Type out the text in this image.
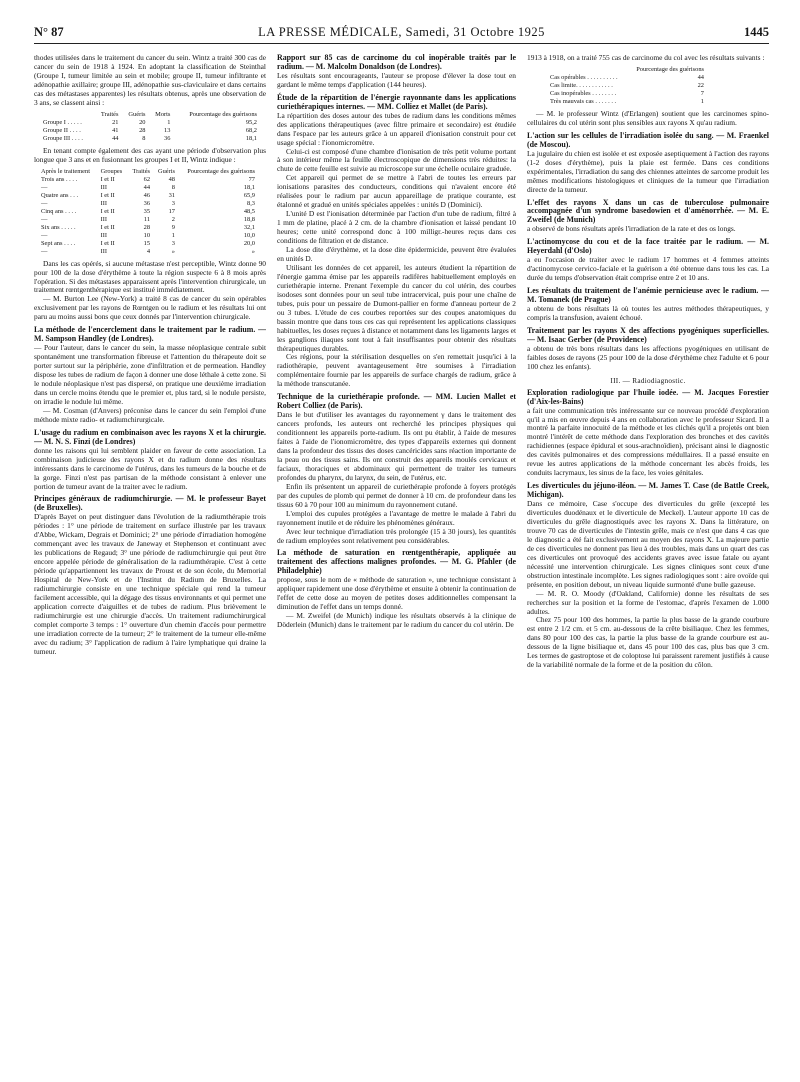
N° 87	LA PRESSE MÉDICALE, Samedi, 31 Octobre 1925	1445

thodes utilisées dans le traitement du cancer du sein. Wintz a traité 300 cas de cancer du sein de 1918 à 1924. En adoptant la classification de Steinthal (Groupe I, tumeur limitée au sein et mobile; groupe II, tumeur infiltrante et adénopathie axillaire; groupe III, adénopathie sus-claviculaire et dans certains cas des métastases apparentes) les résultats obtenus, après une observation de 3 ans, se classent ainsi :

	Traités	Guéris	Morts	Pourcentage des guérisons
Groupe I . . . . .	21	20	1	95,2
Groupe II . . . .	41	28	13	68,2
Groupe III . . . .	44	8	36	18,1

En tenant compte également des cas ayant une période d'observation plus longue que 3 ans et en fusionnant les groupes I et II, Wintz indique :

Après le traitement	Groupes	Traités	Guéris	Pourcentage des guérisons
Trois ans . . . .	I et II	62	48	77
—	III	44	8	18,1
Quatre ans . . .	I et II	46	31	65,9
—	III	36	3	8,3
Cinq ans . . . .	I et II	35	17	48,5
—	III	11	2	18,8
Six ans . . . . .	I et II	28	9	32,1
—	III	10	1	10,0
Sept ans . . . .	I et II	15	3	20,0
—	III	4	»	»

Dans les cas opérés, si aucune métastase n'est perceptible, Wintz donne 90 pour 100 de la dose d'érythème à toute la région suspecte 6 à 8 mois après l'opération. Si des métastases apparaissent après l'intervention chirurgicale, un traitement rœntgenthérapique est institué immédiatement.

— M. Burton Lee (New-York) a traité 8 cas de cancer du sein opérables exclusivement par les rayons de Rœntgen ou le radium et les résultats lui ont paru au moins aussi bons que ceux donnés par l'intervention chirurgicale.

La méthode de l'encerclement dans le traitement par le radium. — M. Sampson Handley (de Londres).

— Pour l'auteur, dans le cancer du sein, la masse néoplasique centrale subit spontanément une transformation fibreuse et l'attention du thérapeute doit se porter surtout sur la périphérie, zone d'infiltration et de permeation. Handley dispose les tubes de radium de façon à donner une dose léthale à cette zone. Si le nodule néoplasique n'est pas dispersé, on pratique une deuxième irradiation dans un cercle moins étendu que le premier et, plus tard, si le nodule persiste, on irradie le nodule lui même.

— M. Cosman (d'Anvers) préconise dans le cancer du sein l'emploi d'une méthode mixte radio- et radiumchirurgicale.

L'usage du radium en combinaison avec les rayons X et la chirurgie. — M. N. S. Finzi (de Londres)

donne les raisons qui lui semblent plaider en faveur de cette association. La combinaison judicieuse des rayons X et du radium donne des résultats intéressants dans le carcinome de l'utérus, dans les tumeurs de la bouche et de la gorge. Finzi n'est pas partisan de la méthode consistant à enlever une portion de tumeur avant de la traiter avec le radium.

Principes généraux de radiumchirurgie. — M. le professeur Bayet (de Bruxelles).

D'après Bayet on peut distinguer dans l'évolution de la radiumthérapie trois périodes : 1° une période de traitement en surface illustrée par les travaux d'Abbe, Wickam, Degrais et Dominici; 2° une période d'irradiation homogène commençant avec les travaux de Janeway et Stephenson et continuant avec les publications de Regaud; 3° une période de radiumchirurgie qui peut être encore appelée période de généralisation de la radiumthérapie. C'est à cette période qu'appartiennent les travaux de Proust et de son école, du Memorial Hospital de New-York et de l'Institut du Radium de Bruxelles. La radiumchirurgie consiste en une technique spéciale qui rend la tumeur facilement accessible, qui la dégage des tissus environnants et qui permet une application correcte d'aiguilles et de tubes de radium. Plus brièvement le radiumchirurgie est une chirurgie d'accès. Un traitement radiumchirurgical complet comporte 3 temps : 1° ouverture d'un chemin d'accès pour permettre une irradiation correcte de la tumeur; 2° le traitement de la tumeur elle-même avec du radium; 3° l'application de radium à l'aire lymphatique qui draine la tumeur.

Rapport sur 85 cas de carcinome du col inopérable traités par le radium. — M. Malcolm Donaldson (de Londres).

Les résultats sont encourageants, l'auteur se propose d'élever la dose tout en gardant le même temps d'application (144 heures).

Étude de la répartition de l'énergie rayonnante dans les applications curiethérapiques internes. — MM. Colliez et Mallet (de Paris).

La répartition des doses autour des tubes de radium dans les conditions mêmes des applications thérapeutiques (avec filtre primaire et secondaire) est étudiée dans l'espace par les auteurs grâce à un appareil d'ionisation construit pour cet usage spécial : l'ionomicromètre.

Celui-ci est composé d'une chambre d'ionisation de très petit volume portant à son intérieur même la feuille électroscopique de dimensions très réduites: la chute de cette feuille est suivie au microscope sur une échelle oculaire graduée.

Cet appareil qui permet de se mettre à l'abri de toutes les erreurs par ionisations parasites des conducteurs, conditions qui n'avaient encore été réalisées pour le radium par aucun appareillage de pratique courante, est étalonné et gradué en unités spéciales appelées : unités D (Dominici).

L'unité D est l'ionisation déterminée par l'action d'un tube de radium, filtré à 1 mm de platine, placé à 2 cm. de la chambre d'ionisation et laissé pendant 10 heures; cette unité correspond donc à 100 milligr.-heures reçus dans ces conditions de filtration et de distance.

La dose dite d'érythème, et la dose dite épidermicide, peuvent être évaluées en unités D.

Utilisant les données de cet appareil, les auteurs étudient la répartition de l'énergie gamma émise par les appareils radifères habituellement employés en curiethérapie interne. Prenant l'exemple du cancer du col utérin, des courbes isodoses sont données pour un seul tube intracervical, puis pour une chaîne de tubes, puis pour un pessaire de Dumont-pallier en forme d'anneau porteur de 2 ou 3 tubes. L'étude de ces courbes reportées sur des coupes anatomiques du bassin montre que dans tous ces cas qui représentent les applications classiques habituelles, les doses reçues à distance et notamment dans les ligaments larges et les ganglions iliaques sont tout à fait insuffisantes pour obtenir des résultats thérapeutiques durables.

Ces régions, pour la stérilisation desquelles on s'en remettait jusqu'ici à la radiothérapie, peuvent avantageusement être soumises à l'irradiation complémentaire fournie par les appareils de surface chargés de radium, grâce à la méthode transcutanée.

Technique de la curiethérapie profonde. — MM. Lucien Mallet et Robert Colliez (de Paris).

Dans le but d'utiliser les avantages du rayonnement γ dans le traitement des cancers profonds, les auteurs ont recherché les principes physiques qui conditionnent les appareils porte-radium. Ils ont pu établir, à l'aide de mesures faites à l'aide de l'ionomicromètre, des types d'appareils externes qui donnent dans la profondeur des tissus des doses cancéricides sans réaction importante de la peau ou des tissus sains. Ils ont construit des appareils moulés cervicaux et faciaux, thoraciques et abdominaux qui permettent de traiter les tumeurs profondes du pharynx, du larynx, du sein, de l'utérus, etc.

Enfin ils présentent un appareil de curiethérapie profonde à foyers protégés par des cupules de plomb qui permet de donner à 10 cm. de profondeur dans les tissus 60 à 70 pour 100 au minimum du rayonnement cutané.

L'emploi des cupules protégées a l'avantage de mettre le malade à l'abri du rayonnement inutile et de réduire les phénomènes généraux.

Avec leur technique d'irradiation très prolongée (15 à 30 jours), les quantités de radium employées sont relativement peu considérables.

La méthode de saturation en rœntgenthérapie, appliquée au traitement des affections malignes profondes. — M. G. Pfahler (de Philadelphie)

propose, sous le nom de « méthode de saturation », une technique consistant à appliquer rapidement une dose d'érythème et ensuite à obtenir la continuation de l'effet de cette dose au moyen de petites doses additionnelles compensant la diminution de l'effet dans un temps donné.

— M. Zweifel (de Munich) indique les résultats observés à la clinique de Döderlein (Munich) dans le traitement par le radium du cancer du col utérin. De

1913 à 1918, on a traité 755 cas de carcinome du col avec les résultats suivants :

	Pourcentage des guérisons
Cas opérables . . . . . . . . . .	44
Cas limite. . . . . . . . . . . .	22
Cas inopérables . . . . . . . .	7
Très mauvais cas . . . . . . .	1

— M. le professeur Wintz (d'Erlangen) soutient que les carcinomes spino-cellulaires du col utérin sont plus sensibles aux rayons X qu'au radium.

L'action sur les cellules de l'irradiation isolée du sang. — M. Fraenkel (de Moscou).

La jugulaire du chien est isolée et est exposée aseptiquement à l'action des rayons (1-2 doses d'érythème), puis la plaie est fermée. Dans ces conditions expérimentales, l'irradiation du sang des chiennes atteintes de sarcome produit les mêmes modifications histologiques et cliniques de la tumeur que l'irradiation directe de la tumeur.

L'effet des rayons X dans un cas de tuberculose pulmonaire accompagnée d'un syndrome basedowien et d'aménorrhée. — M. E. Zweifel (de Munich)

a observé de bons résultats après l'irradiation de la rate et des os longs.

L'actinomycose du cou et de la face traitée par le radium. — M. Heyerdahl (d'Oslo)

a eu l'occasion de traiter avec le radium 17 hommes et 4 femmes atteints d'actinomycose cervico-faciale et la guérison a été obtenue dans tous les cas. La durée du temps d'observation était comprise entre 2 et 10 ans.

Les résultats du traitement de l'anémie pernicieuse avec le radium. — M. Tomanek (de Prague)

a obtenu de bons résultats là où toutes les autres méthodes thérapeutiques, y compris la transfusion, avaient échoué.

Traitement par les rayons X des affections pyogéniques superficielles. — M. Isaac Gerber (de Providence)

a obtenu de très bons résultats dans les affections pyogéniques en utilisant de faibles doses de rayons (25 pour 100 de la dose d'érythème chez l'adulte et 6 pour 100 chez les enfants).

III. — Radiodiagnostic.

Exploration radiologique par l'huile iodée. — M. Jacques Forestier (d'Aix-les-Bains)

a fait une communication très intéressante sur ce nouveau procédé d'exploration qu'il a mis en œuvre depuis 4 ans en collaboration avec le professeur Sicard. Il a montré la parfaite innocuité de la méthode et les clichés qu'il a projetés ont bien montré l'intérêt de cette méthode dans l'exploration des bronches et des cavités rachidiennes (espace épidural et sous-arachnoïdien), précisant ainsi le diagnostic des cavités pulmonaires et des compressions médullaires. Il a passé ensuite en revue les autres applications de la méthode concernant les abcès froids, les conduits lacrymaux, les sinus de la face, les voies génitales.

Les diverticules du jéjuno-iléon. — M. James T. Case (de Battle Creek, Michigan).

Dans ce mémoire, Case s'occupe des diverticules du grêle (excepté les diverticules duodénaux et le diverticule de Meckel). L'auteur apporte 10 cas de diverticules du grêle diagnostiqués avec les rayons X. Dans la littérature, on trouve 70 cas de diverticules de l'intestin grêle, mais ce n'est que dans 4 cas que le diagnostic a été fait exclusivement au moyen des rayons X. La majeure partie de ces diverticules ne donnent pas lieu à des troubles, mais dans un quart des cas ces diverticules ont provoqué des accidents graves avec issue fatale ou ayant nécessité une intervention chirurgicale. Les signes cliniques sont ceux d'une obstruction intestinale incomplète. Les signes radiologiques sont : aire ovoïde qui présente, en position debout, un niveau liquide surmonté d'une bulle gazeuse.

— M. R. O. Moody (d'Oakland, Californie) donne les résultats de ses recherches sur la position et la forme de l'estomac, d'après l'examen de 1.000 adultes.

Chez 75 pour 100 des hommes, la partie la plus basse de la grande courbure est entre 2 1/2 cm. et 5 cm. au-dessous de la crête bisiliaque. Chez les femmes, dans 80 pour 100 des cas, la partie la plus basse de la grande courbure est au-dessous de la ligne bisiliaque et, dans 45 pour 100 des cas, plus bas que 3 cm. Les termes de gastroptose et de coloptose lui paraissent rarement justifiés à cause de la variabilité normale de la forme et de la position du côlon.
